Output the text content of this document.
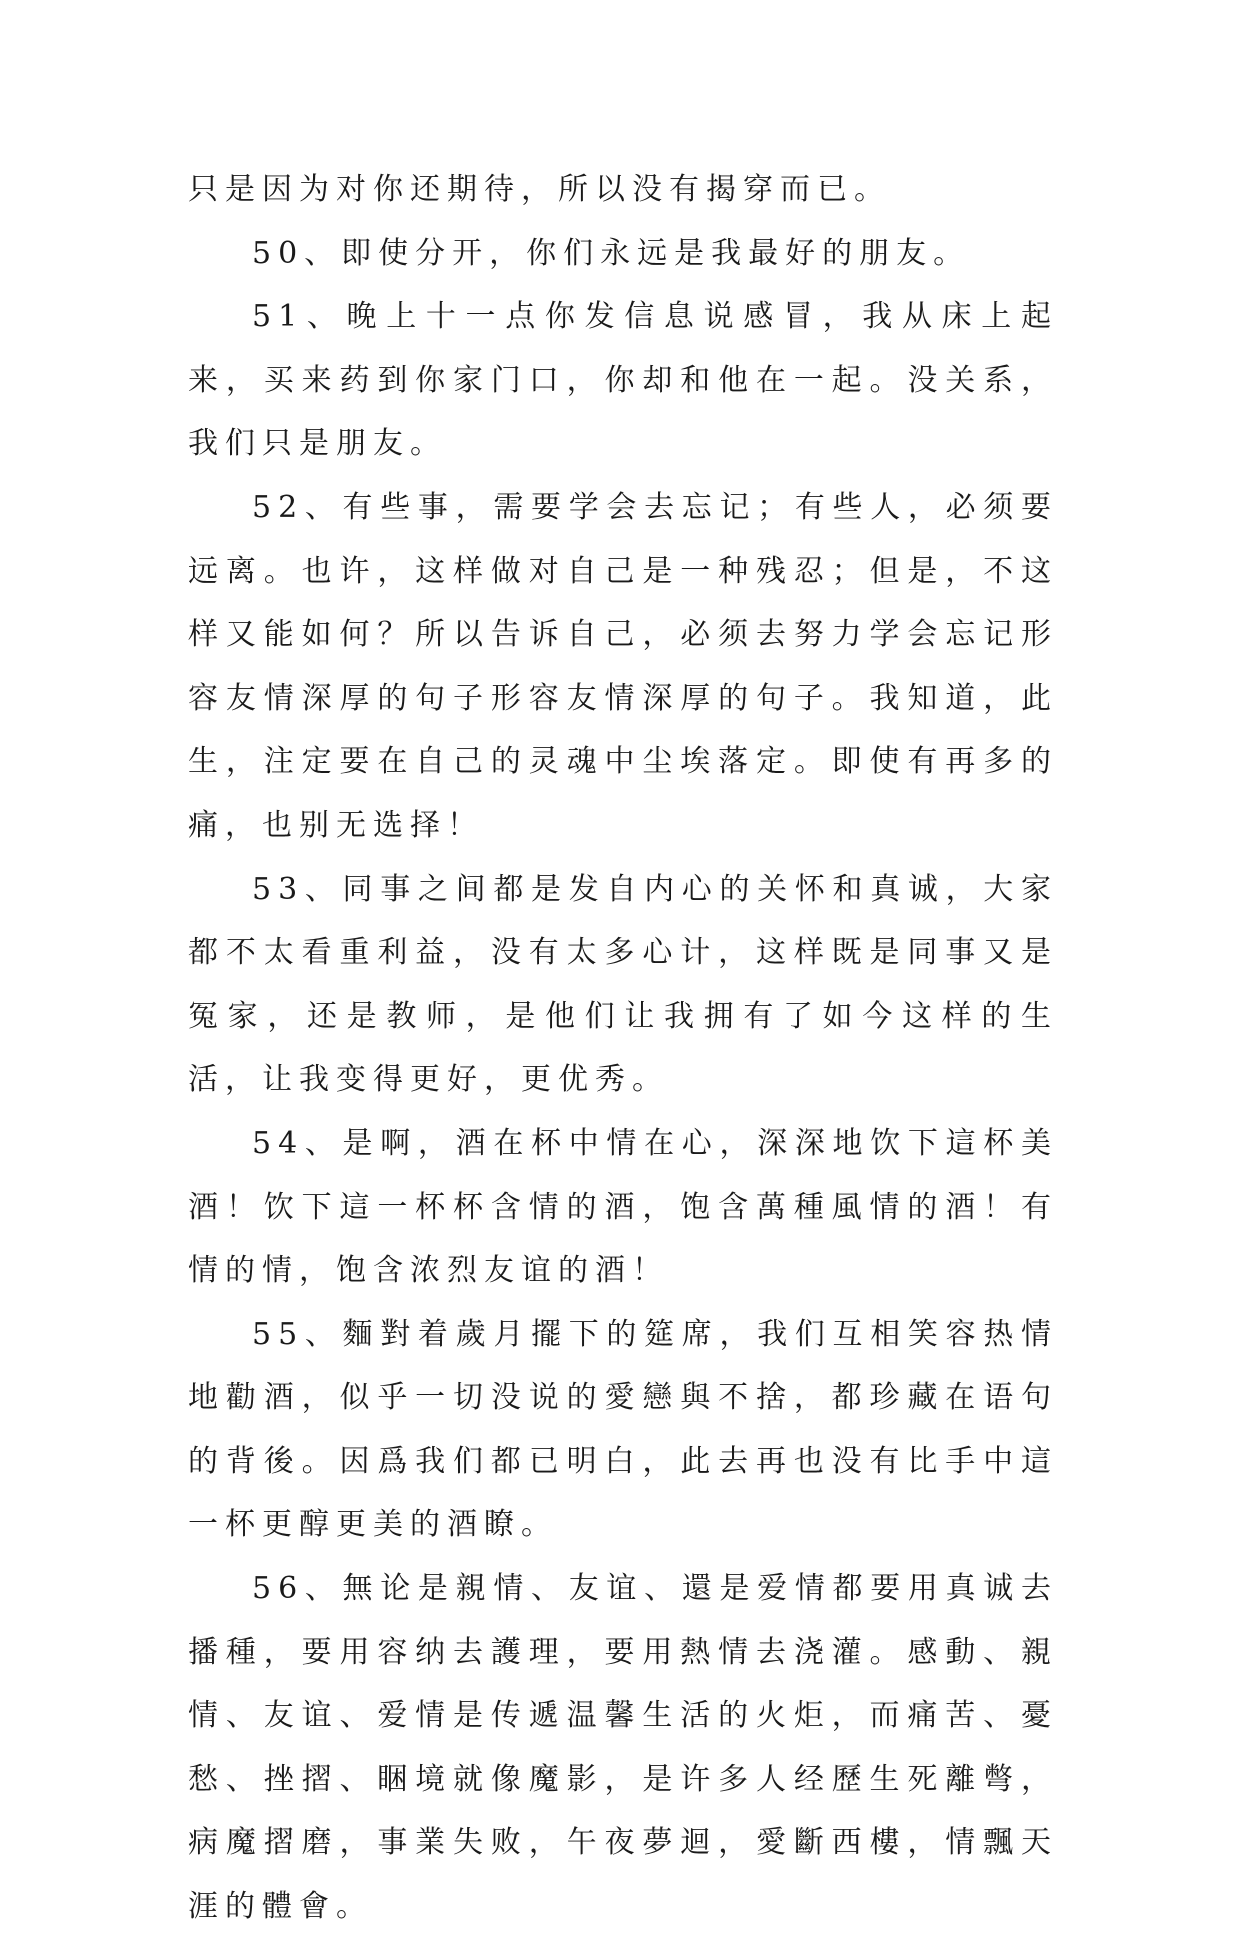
只是因为对你还期待，所以没有揭穿而已。

50、即使分开，你们永远是我最好的朋友。

51、晚上十一点你发信息说感冒，我从床上起来，买来药到你家门口，你却和他在一起。没关系，我们只是朋友。

52、有些事，需要学会去忘记；有些人，必须要远离。也许，这样做对自己是一种残忍；但是，不这样又能如何？所以告诉自己，必须去努力学会忘记形容友情深厚的句子形容友情深厚的句子。我知道，此生，注定要在自己的灵魂中尘埃落定。即使有再多的痛，也别无选择！

53、同事之间都是发自内心的关怀和真诚，大家都不太看重利益，没有太多心计，这样既是同事又是冤家，还是教师，是他们让我拥有了如今这样的生活，让我变得更好，更优秀。

54、是啊，酒在杯中情在心，深深地饮下這杯美酒！饮下這一杯杯含情的酒，饱含萬種風情的酒！有情的情，饱含浓烈友谊的酒！

55、麵對着歲月擺下的筵席，我们互相笑容热情地勸酒，似乎一切没说的愛戀與不捨，都珍藏在语句的背後。因爲我们都已明白，此去再也没有比手中這一杯更醇更美的酒瞭。

56、無论是親情、友谊、還是爱情都要用真诚去播種，要用容纳去護理，要用熱情去浇灌。感動、親情、友谊、爱情是传遞温馨生活的火炬，而痛苦、憂愁、挫摺、睏境就像魔影，是许多人经歷生死離彆，病魔摺磨，事業失败，午夜夢迴，愛斷西樓，情飄天涯的體會。
